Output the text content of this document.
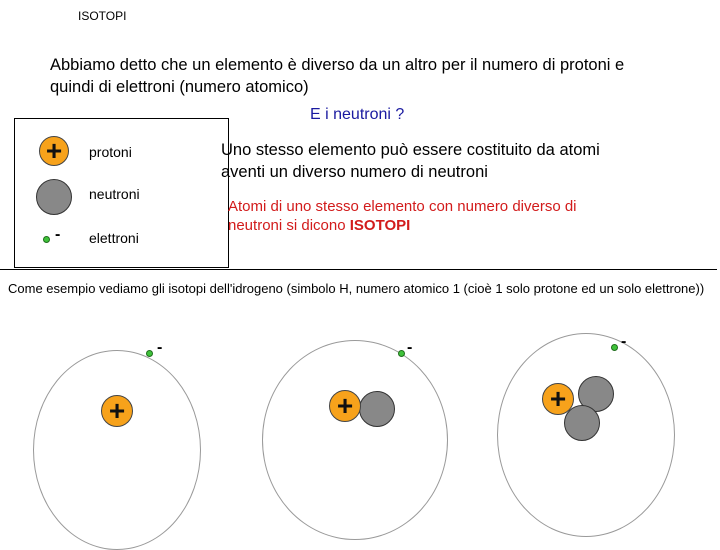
ISOTOPI
Abbiamo detto che un elemento è diverso da un altro per il numero di protoni e quindi di elettroni (numero atomico)
E i neutroni ?
+	protoni
neutroni
- elettroni
Uno stesso elemento può essere costituito da atomi aventi un diverso numero di neutroni
Atomi di uno stesso elemento con numero diverso di neutroni si dicono ISOTOPI
Come esempio vediamo gli isotopi dell'idrogeno (simbolo H, numero atomico 1 (cioè 1 solo protone ed un solo elettrone))
-
+
-
+
-
+
